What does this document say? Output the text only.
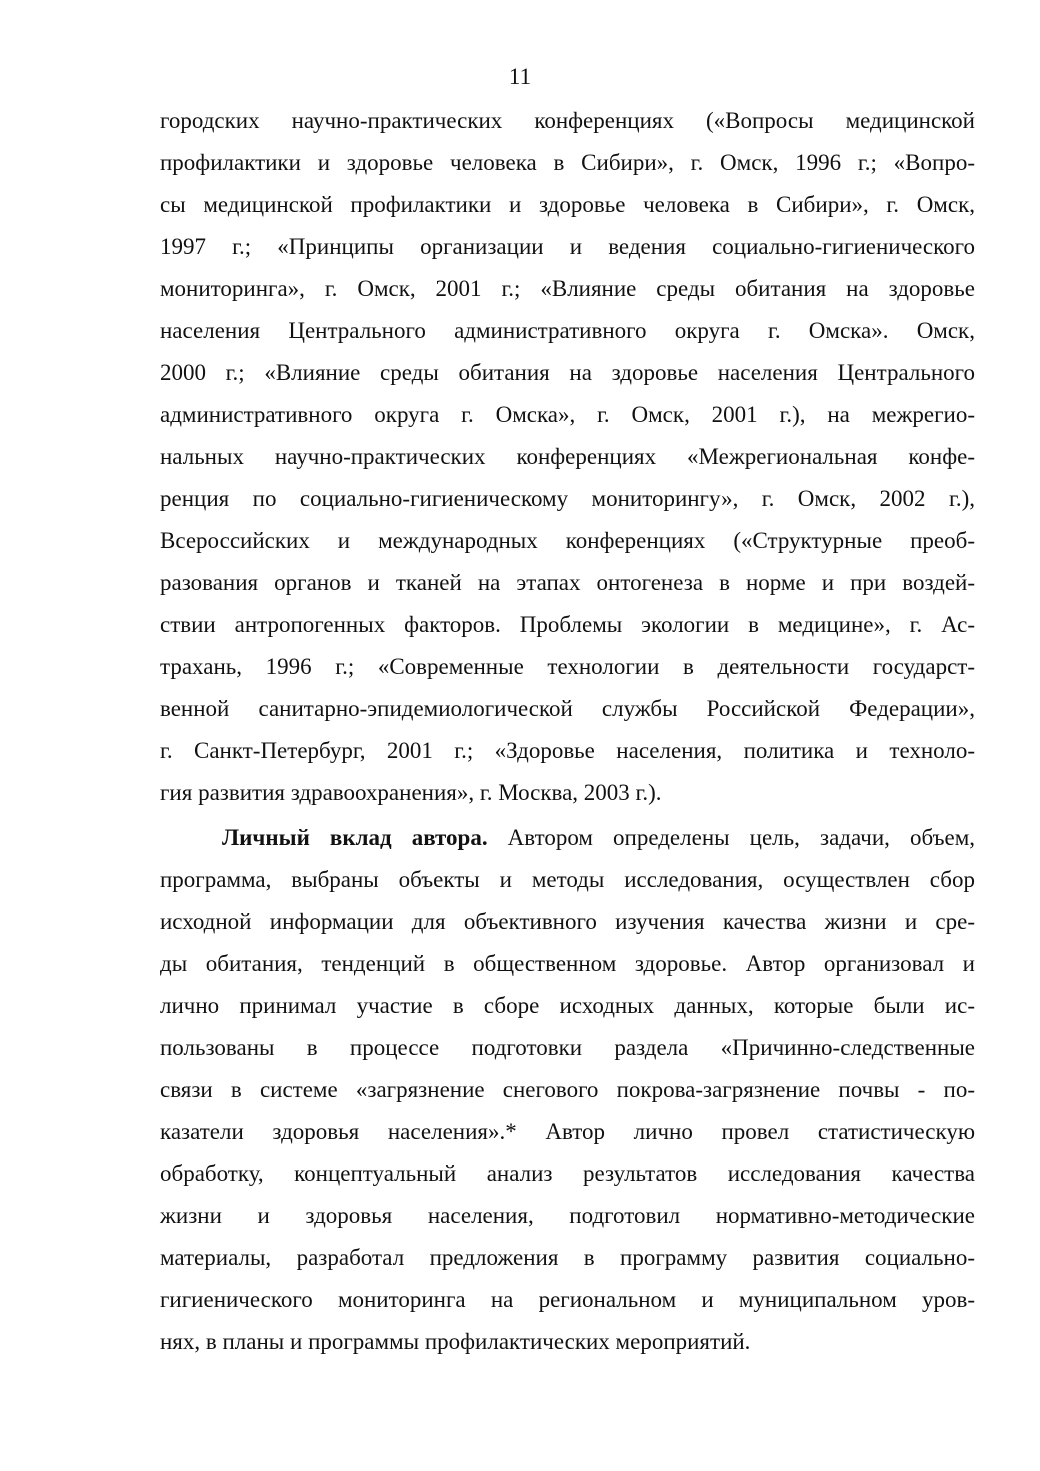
11
городских научно-практических конференциях («Вопросы медицинской
профилактики и здоровье человека в Сибири», г. Омск, 1996 г.; «Вопро-
сы медицинской профилактики и здоровье человека в Сибири», г. Омск,
1997 г.; «Принципы организации и ведения социально-гигиенического
мониторинга», г. Омск, 2001 г.; «Влияние среды обитания на здоровье
населения Центрального административного округа г. Омска». Омск,
2000 г.; «Влияние среды обитания на здоровье населения Центрального
административного округа г. Омска», г. Омск, 2001 г.), на межрегио-
нальных научно-практических конференциях «Межрегиональная конфе-
ренция по социально-гигиеническому мониторингу», г. Омск, 2002 г.),
Всероссийских и международных конференциях («Структурные преоб-
разования органов и тканей на этапах онтогенеза в норме и при воздей-
ствии антропогенных факторов. Проблемы экологии в медицине», г. Ас-
трахань, 1996 г.; «Современные технологии в деятельности государст-
венной санитарно-эпидемиологической службы Российской Федерации»,
г. Санкт-Петербург, 2001 г.; «Здоровье населения, политика и техноло-
гия развития здравоохранения», г. Москва, 2003 г.).
Личный вклад автора. Автором определены цель, задачи, объем,
программа, выбраны объекты и методы исследования, осуществлен сбор
исходной информации для объективного изучения качества жизни и сре-
ды обитания, тенденций в общественном здоровье. Автор организовал и
лично принимал участие в сборе исходных данных, которые были ис-
пользованы в процессе подготовки раздела «Причинно-следственные
связи в системе «загрязнение снегового покрова-загрязнение почвы - по-
казатели здоровья населения».* Автор лично провел статистическую
обработку, концептуальный анализ результатов исследования качества
жизни и здоровья населения, подготовил нормативно-методические
материалы, разработал предложения в программу развития социально-
гигиенического мониторинга на региональном и муниципальном уров-
нях, в планы и программы профилактических мероприятий.
